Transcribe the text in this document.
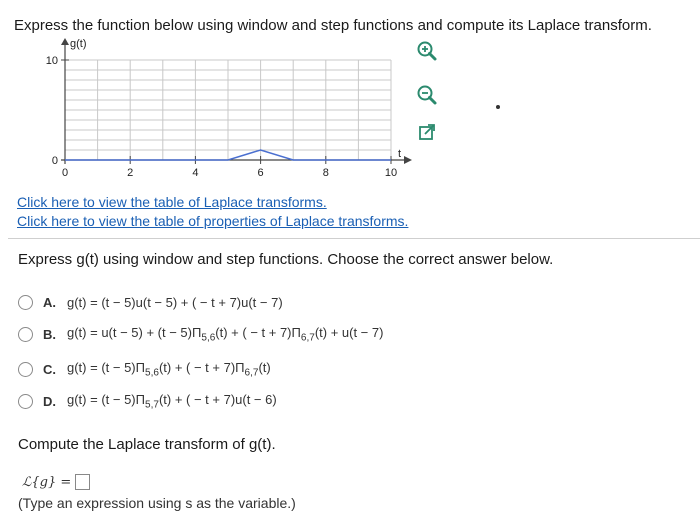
Express the function below using window and step functions and compute its Laplace transform.
g(t)
t
10
0
0	2	4	6	8	10
Click here to view the table of Laplace transforms.
Click here to view the table of properties of Laplace transforms.
Express g(t) using window and step functions. Choose the correct answer below.
A. g(t) = (t − 5)u(t − 5) + ( − t + 7)u(t − 7)
B. $g(t) = u(t - 5) + (t - 5)\Pi_{5,6}(t)$ + ( − $t + 7)\Pi_{6,7}(t) + u(t - 7)$
C. $g(t) = (t - 5)\Pi_{5,6}(t)$ + ( − $t + 7)\Pi_{6,7}(t)$
D. $g(t) = (t - 5)\Pi_{5,7}(t)$ + ( − t + 7)u(t − 6)
Compute the Laplace transform of g(t).
ℒ{g} =
(Type an expression using s as the variable.)
